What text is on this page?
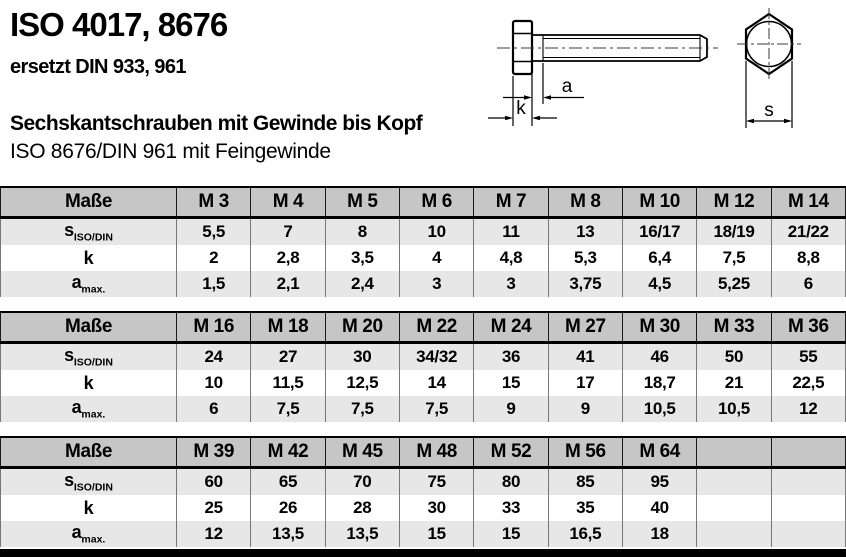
ISO 4017, 8676
ersetzt DIN 933, 961
Sechskantschrauben mit Gewinde bis Kopf
ISO 8676/DIN 961 mit Feingewinde
a
k	s
Maße	M 3	M 4	M 5	M 6	M 7	M 8	M 10	M 12	M 14
$s_{ISO/DIN}$	5,5	7	8	10	11	13	16/17	18/19	21/22
k	2	2,8	3,5	4	4,8	5,3	6,4	7,5	8,8
$a_{max.}$	1,5	2,1	2,4	3	3	3,75	4,5	5,25	6
Maße	M 16	M 18	M 20	M 22	M 24	M 27	M 30	M 33	M 36
$s_{ISO/DIN}$	24	27	30	34/32	36	41	46	50	55
k	10	11,5	12,5	14	15	17	18,7	21	22,5
$a_{max.}$	6	7,5	7,5	7,5	9	9	10,5	10,5	12
Maße	M 39	M 42	M 45	M 48	M 52	M 56	M 64		
$s_{ISO/DIN}$	60	65	70	75	80	85	95		
k	25	26	28	30	33	35	40		
$a_{max.}$	12	13,5	13,5	15	15	16,5	18		
